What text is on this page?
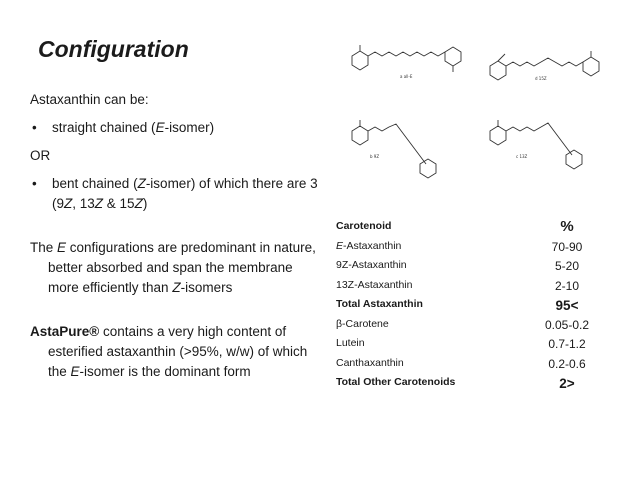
Configuration

Astaxanthin can be:

• straight chained (E-isomer)

OR

• bent chained (Z-isomer) of which there are 3 (9Z, 13Z & 15Z)

The E configurations are predominant in nature, better absorbed and span the membrane more efficiently than Z-isomers

AstaPure® contains a very high content of esterified astaxanthin (>95%, w/w) of which the E-isomer is the dominant form

a all-E	d 15Z
b 9Z	c 13Z
Carotenoid	%
E-Astaxanthin	70-90
9Z-Astaxanthin	5-20
13Z-Astaxanthin	2-10
Total Astaxanthin	95<
β-Carotene	0.05-0.2
Lutein	0.7-1.2
Canthaxanthin	0.2-0.6
Total Other Carotenoids	2>
